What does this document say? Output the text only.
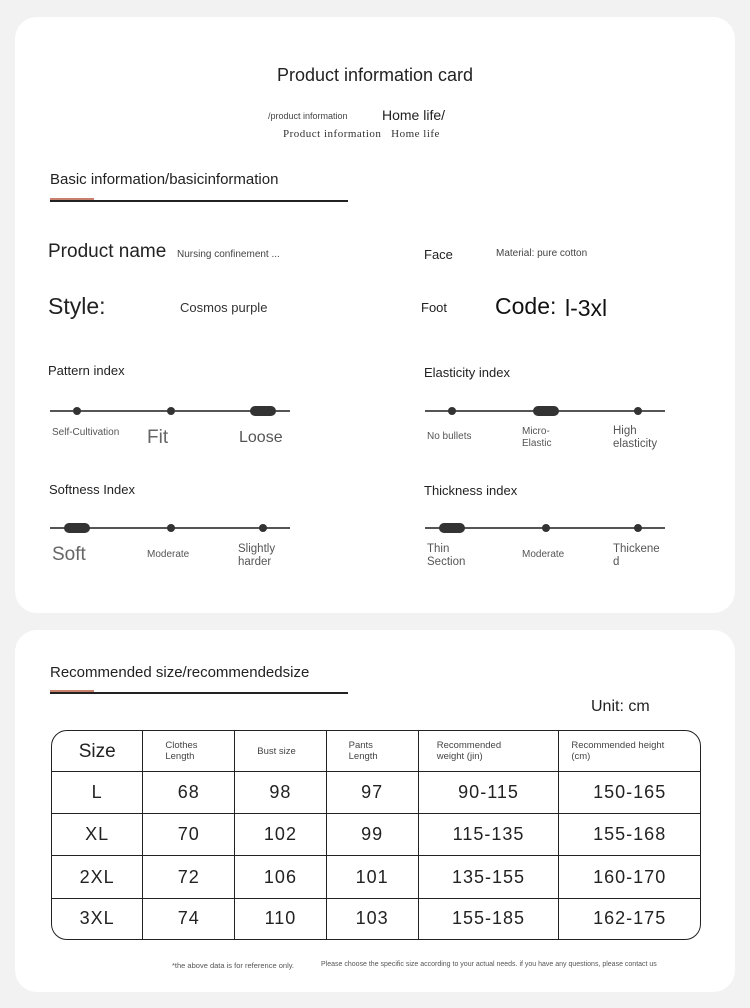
Product information card
/product information Home life/
Product information   Home life
Basic information/basicinformation
Product name	Nursing confinement ...	Face	Material: pure cotton
Style:	Cosmos purple	Foot Code: l-3xl
Pattern index
Self-Cultivation Fit	Loose
Elasticity index
No bullets	Micro-Elastic
High elasticity
Softness Index
Soft	Moderate	Slightly harder
Thickness index
Thin Section
Moderate	Thickene d
Recommended size/recommendedsize
Unit: cm
Size	Clothes Length	Bust size	Pants Length	Recommended weight (jin)	Recommended height (cm)
L	68	98	97	90-115	150-165
XL	70	102	99	115-135	155-168
2XL	72	106	101	135-155	160-170
3XL	74	110	103	155-185	162-175
*the above data is for reference only.	Please choose the specific size according to your actual needs. if you have any questions, please contact us
